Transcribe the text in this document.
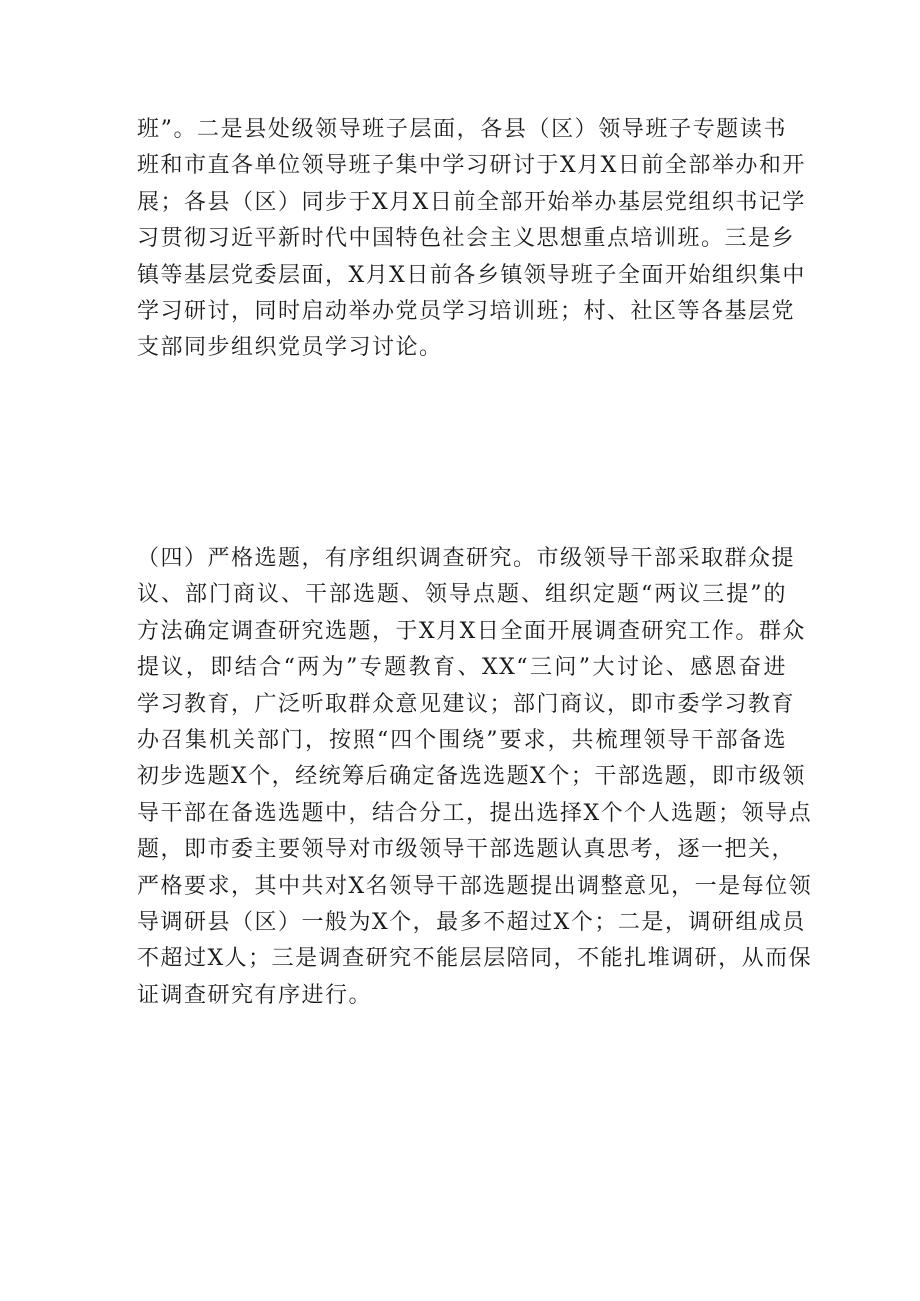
班”。二是县处级领导班子层面，各县（区）领导班子专题读书
班和市直各单位领导班子集中学习研讨于X月X日前全部举办和开
展；各县（区）同步于X月X日前全部开始举办基层党组织书记学
习贯彻习近平新时代中国特色社会主义思想重点培训班。三是乡
镇等基层党委层面，X月X日前各乡镇领导班子全面开始组织集中
学习研讨，同时启动举办党员学习培训班；村、社区等各基层党
支部同步组织党员学习讨论。
（四）严格选题，有序组织调查研究。市级领导干部采取群众提
议、部门商议、干部选题、领导点题、组织定题“两议三提”的
方法确定调查研究选题，于X月X日全面开展调查研究工作。群众
提议，即结合“两为”专题教育、XX“三问”大讨论、感恩奋进
学习教育，广泛听取群众意见建议；部门商议，即市委学习教育
办召集机关部门，按照“四个围绕”要求，共梳理领导干部备选
初步选题X个，经统筹后确定备选选题X个；干部选题，即市级领
导干部在备选选题中，结合分工，提出选择X个个人选题；领导点
题，即市委主要领导对市级领导干部选题认真思考，逐一把关，
严格要求，其中共对X名领导干部选题提出调整意见，一是每位领
导调研县（区）一般为X个，最多不超过X个；二是，调研组成员
不超过X人；三是调查研究不能层层陪同，不能扎堆调研，从而保
证调查研究有序进行。
